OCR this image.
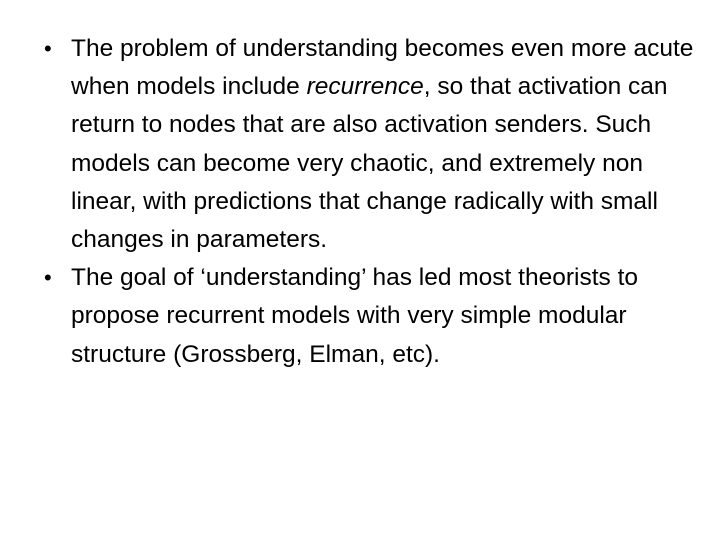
• The problem of understanding becomes even more acute when models include recurrence, so that activation can return to nodes that are also activation senders. Such models can become very chaotic, and extremely non linear, with predictions that change radically with small changes in parameters.
• The goal of ‘understanding’ has led most theorists to propose recurrent models with very simple modular structure (Grossberg, Elman, etc).
